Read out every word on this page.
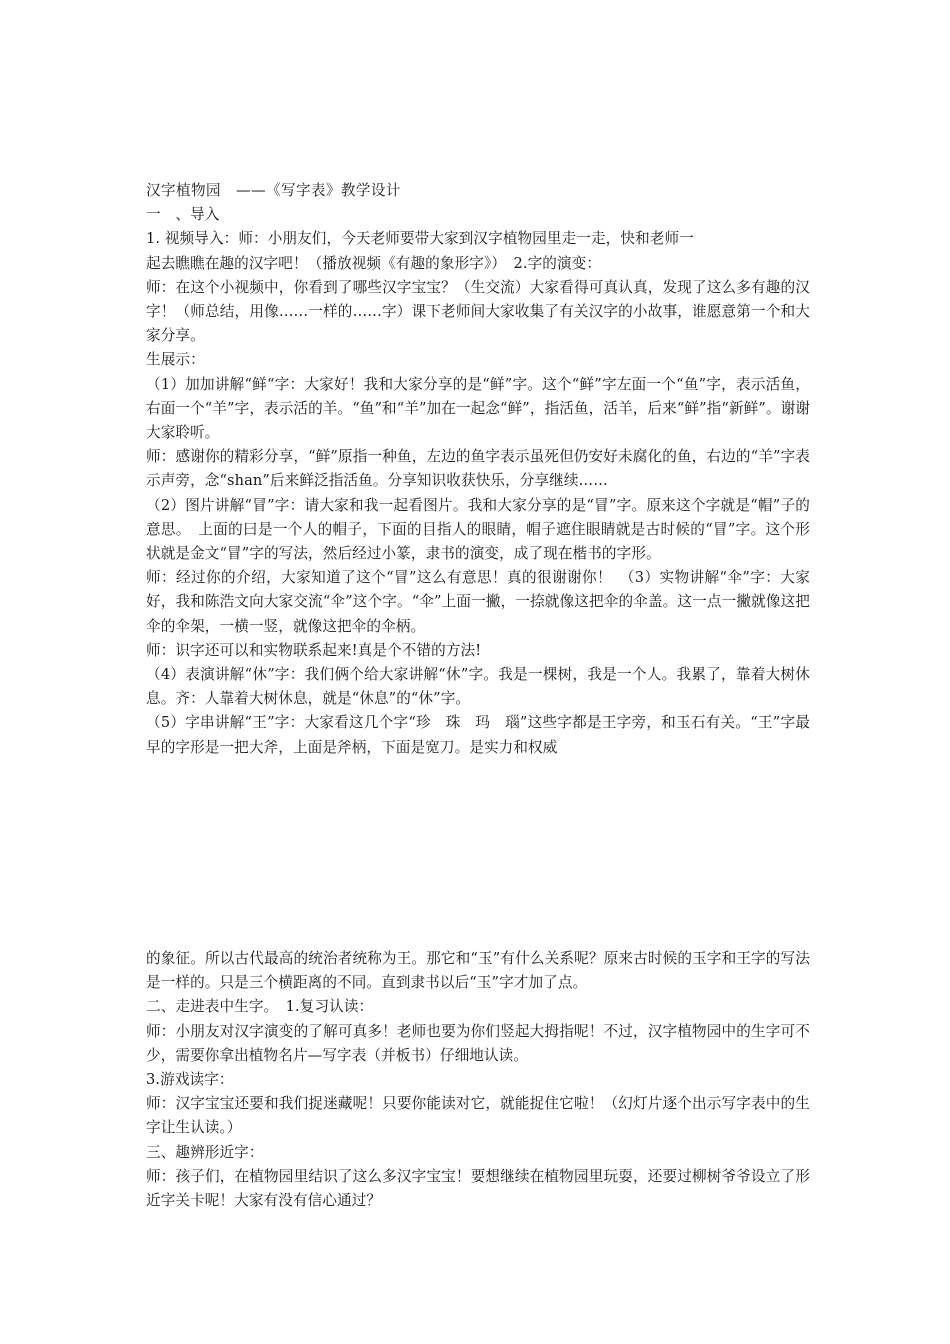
汉字植物园　——《写字表》教学设计

一　、导入

1. 视频导入：师：小朋友们，今天老师要带大家到汉字植物园里走一走，快和老师一

起去瞧瞧在趣的汉字吧！（播放视频《有趣的象形字》）　2.字的演变：

师：在这个小视频中，你看到了哪些汉字宝宝？（生交流）大家看得可真认真，发现了这么多有趣的汉字！（师总结，用像……一样的……字）课下老师间大家收集了有关汉字的小故事，谁愿意第一个和大家分享。

生展示：

（1）加加讲解“鲜“字：大家好！我和大家分享的是“鲜”字。这个“鲜”字左面一个“鱼”字，表示活鱼，右面一个“羊”字，表示活的羊。“鱼”和“羊”加在一起念“鲜”，指活鱼，活羊，后来“鲜”指“新鲜”。谢谢大家聆听。

师：感谢你的精彩分享，“鲜”原指一种鱼，左边的鱼字表示虽死但仍安好未腐化的鱼，右边的“羊”字表示声旁，念“shan”后来鲜泛指活鱼。分享知识收获快乐，分享继续……

（2）图片讲解“冒”字：请大家和我一起看图片。我和大家分享的是“冒”字。原来这个字就是“帽”子的意思。　上面的曰是一个人的帽子，下面的目指人的眼睛，帽子遮住眼睛就是古时候的“冒”字。这个形状就是金文“冒”字的写法，然后经过小篆，隶书的演变，成了现在楷书的字形。

师：经过你的介绍，大家知道了这个“冒”这么有意思！真的很谢谢你！　（3）实物讲解“伞”字：大家好，我和陈浩文向大家交流“伞”这个字。“伞”上面一撇，一捺就像这把伞的伞盖。这一点一撇就像这把伞的伞架，一横一竖，就像这把伞的伞柄。

师：识字还可以和实物联系起来!真是个不错的方法!

（4）表演讲解“休”字：我们俩个给大家讲解“休”字。我是一棵树，我是一个人。我累了，靠着大树休息。齐：人靠着大树休息，就是“休息”的“休”字。

（5）字串讲解“王”字：大家看这几个字“珍　珠　玛　瑙”这些字都是王字旁，和玉石有关。“王”字最早的字形是一把大斧，上面是斧柄，下面是宽刀。是实力和权威

的象征。所以古代最高的统治者统称为王。那它和“玉”有什么关系呢？原来古时候的玉字和王字的写法是一样的。只是三个横距离的不同。直到隶书以后“玉”字才加了点。

二、走进表中生字。　1.复习认读：

师：小朋友对汉字演变的了解可真多！老师也要为你们竖起大拇指呢！不过，汉字植物园中的生字可不少，需要你拿出植物名片—写字表（并板书）仔细地认读。

3.游戏读字：

师：汉字宝宝还要和我们捉迷藏呢！只要你能读对它，就能捉住它啦！（幻灯片逐个出示写字表中的生字让生认读。）

三、趣辨形近字：

师：孩子们，在植物园里结识了这么多汉字宝宝！要想继续在植物园里玩耍，还要过柳树爷爷设立了形近字关卡呢！大家有没有信心通过？
